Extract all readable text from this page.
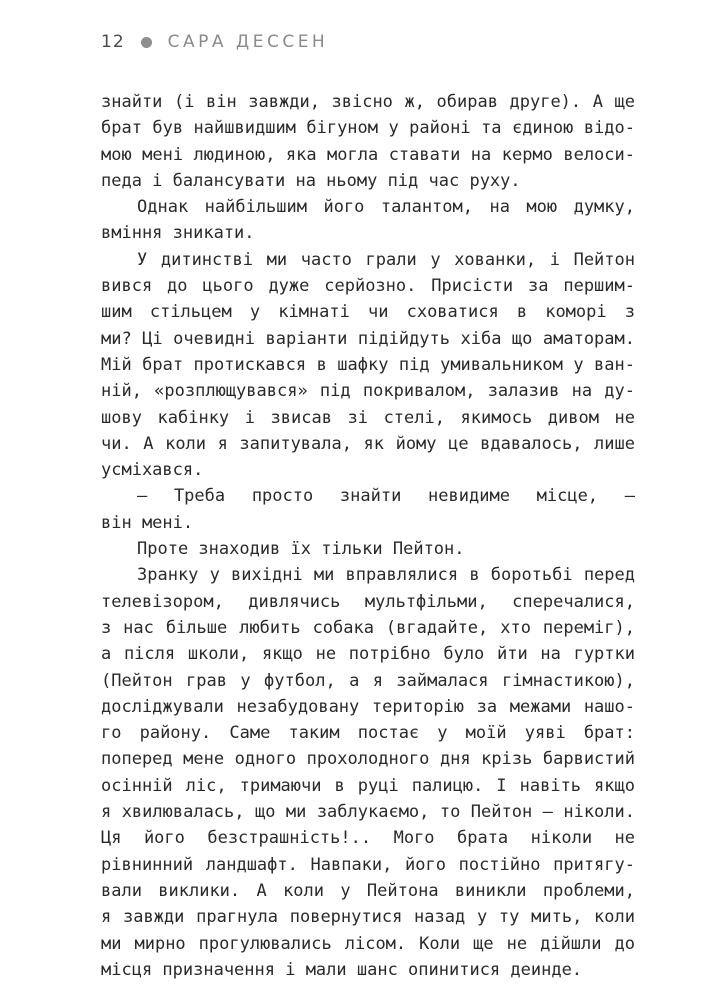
12	САРА ДЕССЕН
знайти (і він завжди, звісно ж, обирав друге). А ще
брат був найшвидшим бігуном у районі та єдиною відо-
мою мені людиною, яка могла ставати на кермо велоси-
педа і балансувати на ньому під час руху.
Однак найбільшим його талантом, на мою думку,
вміння зникати.
У дитинстві ми часто грали у хованки, і Пейтон
вився до цього дуже серйозно. Присісти за першим-
шим стільцем у кімнаті чи сховатися в коморі з
ми? Ці очевидні варіанти підійдуть хіба що аматорам.
Мій брат протискався в шафку під умивальником у ван-
ній, «розплющувався» під покривалом, залазив на ду-
шову кабінку і звисав зі стелі, якимось дивом не
чи. А коли я запитувала, як йому це вдавалось, лише
усміхався.
— Треба просто знайти невидиме місце, —
він мені.
Проте знаходив їх тільки Пейтон.
Зранку у вихідні ми вправлялися в боротьбі перед
телевізором, дивлячись мультфільми, сперечалися,
з нас більше любить собака (вгадайте, хто переміг),
а після школи, якщо не потрібно було йти на гуртки
(Пейтон грав у футбол, а я займалася гімнастикою),
досліджували незабудовану територію за межами нашо-
го району. Саме таким постає у моїй уяві брат:
поперед мене одного прохолодного дня крізь барвистий
осінній ліс, тримаючи в руці палицю. І навіть якщо
я хвилювалась, що ми заблукаємо, то Пейтон — ніколи.
Ця його безстрашність!.. Мого брата ніколи не
рівнинний ландшафт. Навпаки, його постійно притягу-
вали виклики. А коли у Пейтона виникли проблеми,
я завжди прагнула повернутися назад у ту мить, коли
ми мирно прогулювались лісом. Коли ще не дійшли до
місця призначення і мали шанс опинитися деинде.
